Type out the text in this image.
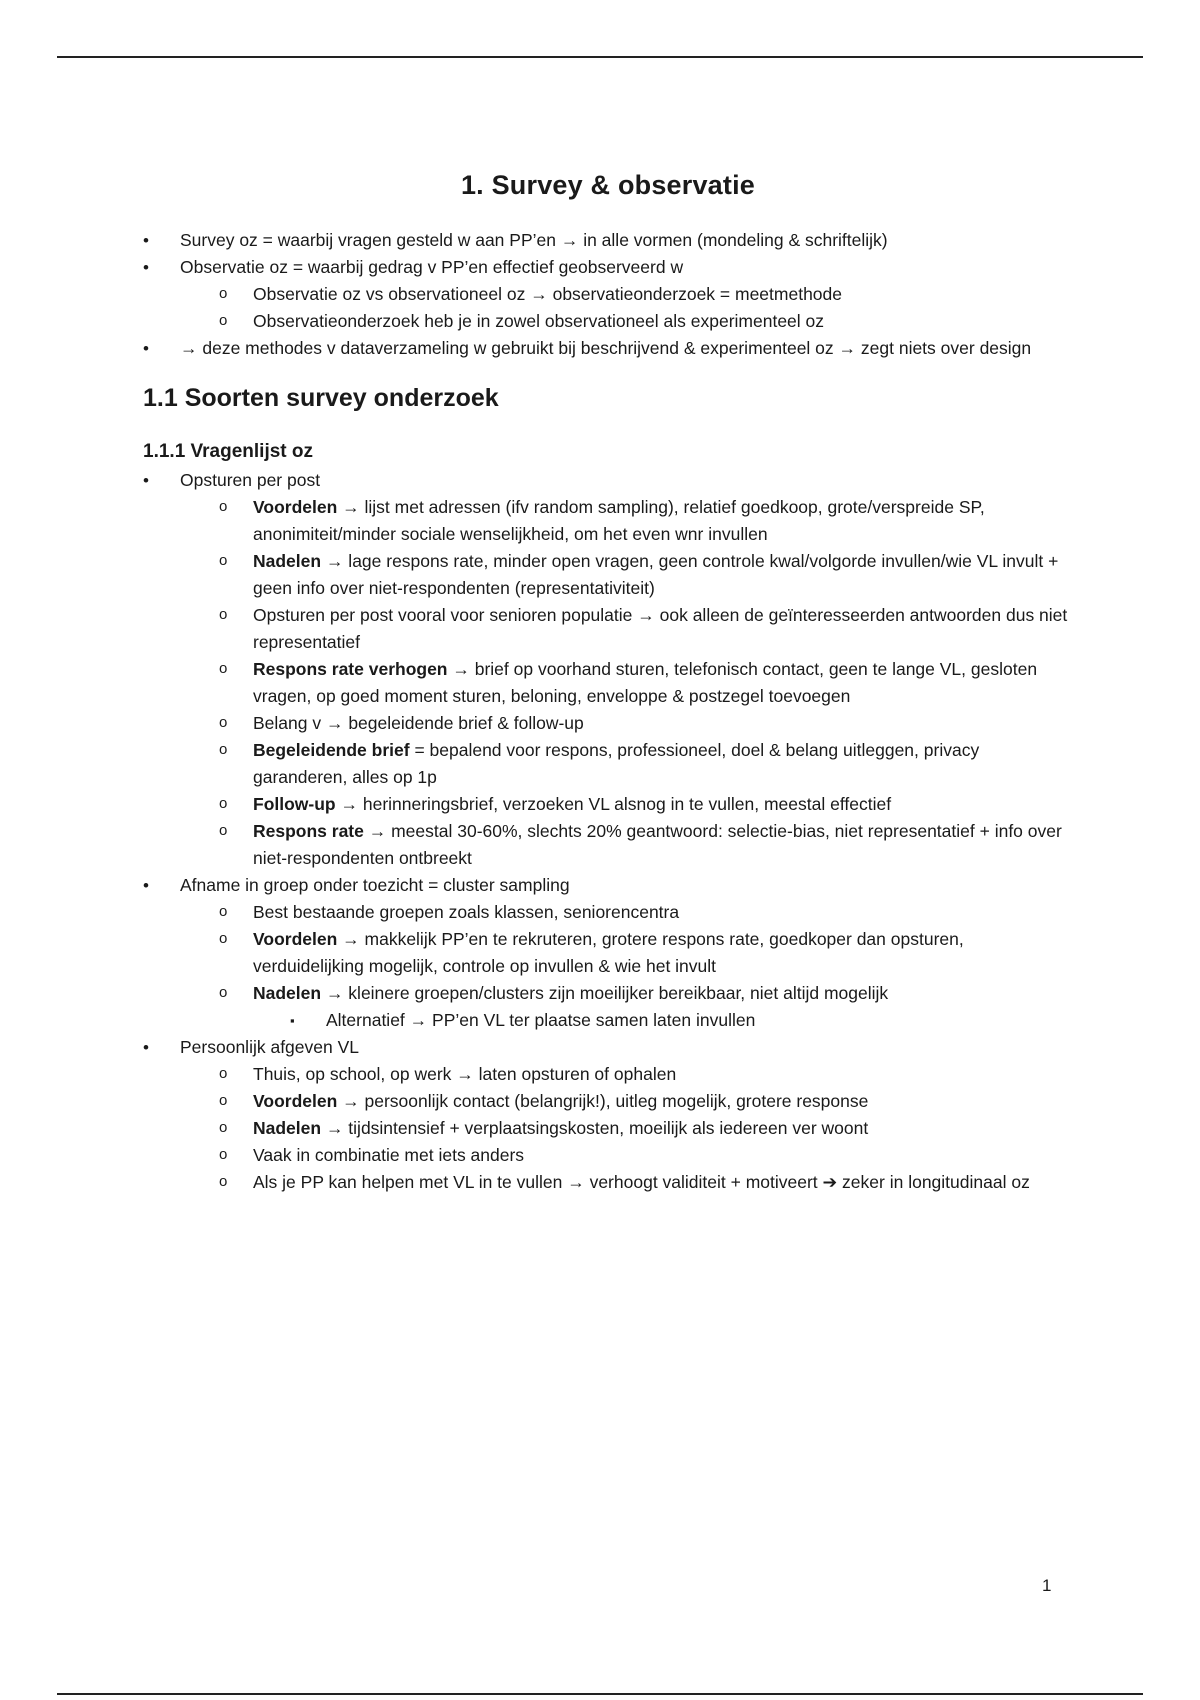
1. Survey & observatie
• Survey oz = waarbij vragen gesteld w aan PP’en → in alle vormen (mondeling & schriftelijk)
• Observatie oz = waarbij gedrag v PP’en effectief geobserveerd w
o Observatie oz vs observationeel oz → observatieonderzoek = meetmethode
o Observatieonderzoek heb je in zowel observationeel als experimenteel oz
• → deze methodes v dataverzameling w gebruikt bij beschrijvend & experimenteel oz → zegt niets over design
1.1 Soorten survey onderzoek
1.1.1 Vragenlijst oz
• Opsturen per post
o Voordelen → lijst met adressen (ifv random sampling), relatief goedkoop, grote/verspreide SP, anonimiteit/minder sociale wenselijkheid, om het even wnr invullen
o Nadelen → lage respons rate, minder open vragen, geen controle kwal/volgorde invullen/wie VL invult + geen info over niet-respondenten (representativiteit)
o Opsturen per post vooral voor senioren populatie → ook alleen de geïnteresseerden antwoorden dus niet representatief
o Respons rate verhogen → brief op voorhand sturen, telefonisch contact, geen te lange VL, gesloten vragen, op goed moment sturen, beloning, enveloppe & postzegel toevoegen
o Belang v → begeleidende brief & follow-up
o Begeleidende brief = bepalend voor respons, professioneel, doel & belang uitleggen, privacy garanderen, alles op 1p
o Follow-up → herinneringsbrief, verzoeken VL alsnog in te vullen, meestal effectief
o Respons rate → meestal 30-60%, slechts 20% geantwoord: selectie-bias, niet representatief + info over niet-respondenten ontbreekt
• Afname in groep onder toezicht = cluster sampling
o Best bestaande groepen zoals klassen, seniorencentra
o Voordelen → makkelijk PP’en te rekruteren, grotere respons rate, goedkoper dan opsturen, verduidelijking mogelijk, controle op invullen & wie het invult
o Nadelen → kleinere groepen/clusters zijn moeilijker bereikbaar, niet altijd mogelijk
▪ Alternatief → PP’en VL ter plaatse samen laten invullen
• Persoonlijk afgeven VL
o Thuis, op school, op werk → laten opsturen of ophalen
o Voordelen → persoonlijk contact (belangrijk!), uitleg mogelijk, grotere response
o Nadelen → tijdsintensief + verplaatsingskosten, moeilijk als iedereen ver woont
o Vaak in combinatie met iets anders
o Als je PP kan helpen met VL in te vullen → verhoogt validiteit + motiveert ➔ zeker in longitudinaal oz
1
